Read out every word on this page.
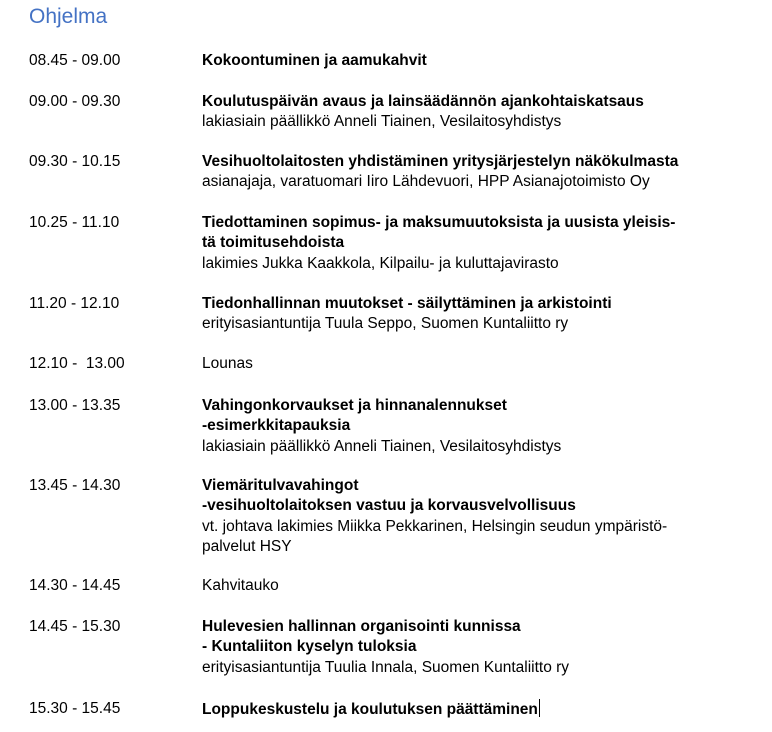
Ohjelma
08.45 - 09.00	Kokoontuminen ja aamukahvit
09.00 - 09.30	Koulutuspäivän avaus ja lainsäädännön ajankohtaiskatsaus
lakiasiain päällikkö Anneli Tiainen, Vesilaitosyhdistys
09.30 - 10.15	Vesihuoltolaitosten yhdistäminen yritysjärjestelyn näkökulmasta
asianajaja, varatuomari Iiro Lähdevuori, HPP Asianajotoimisto Oy
10.25 - 11.10	Tiedottaminen sopimus- ja maksumuutoksista ja uusista yleisis-
tä toimitusehdoista
lakimies Jukka Kaakkola, Kilpailu- ja kuluttajavirasto
11.20 - 12.10	Tiedonhallinnan muutokset - säilyttäminen ja arkistointi
erityisasiantuntija Tuula Seppo, Suomen Kuntaliitto ry
12.10 -  13.00	Lounas
13.00 - 13.35	Vahingonkorvaukset ja hinnanalennukset
-esimerkkitapauksia
lakiasiain päällikkö Anneli Tiainen, Vesilaitosyhdistys
13.45 - 14.30	Viemäritulvavahingot
-vesihuoltolaitoksen vastuu ja korvausvelvollisuus
vt. johtava lakimies Miikka Pekkarinen, Helsingin seudun ympäristö-
palvelut HSY
14.30 - 14.45	Kahvitauko
14.45 - 15.30	Hulevesien hallinnan organisointi kunnissa
- Kuntaliiton kyselyn tuloksia
erityisasiantuntija Tuulia Innala, Suomen Kuntaliitto ry
15.30 - 15.45	Loppukeskustelu ja koulutuksen päättäminen
